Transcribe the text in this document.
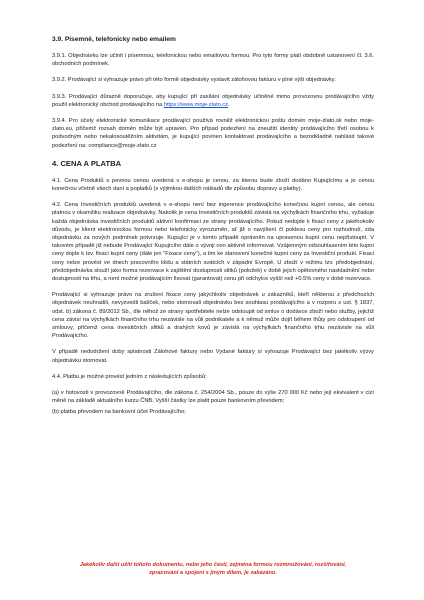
3.9. Písemně, telefonicky nebo emailem

3.9.1. Objednávku lze učinit i písemnou, telefonickou nebo emailovou formou. Pro tyto formy platí obdobně ustanovení čl. 3.6. obchodních podmínek.

3.9.2. Prodávající si vyhrazuje právo při této formě objednávky vystavit zálohovou fakturu v plné výši objednávky.

3.9.3. Prodávající důrazně doporučuje, aby kupující při zasílání objednávky učiněné mimo provozovnu prodávajícího vždy použil elektronický obchod prodávajícího na https://www.moje-zlato.cz.

3.9.4. Pro účely elektronické komunikace prodávající používá rovněž elektronickou poštu domén moje-zlato.sk nebo moje-zlato.eu, přičemž rozsah domén může být upraven. Pro případ podezření na zneužití identity prodávajícího třetí osobou k podvodným nebo nekalosoutěžním aktivitám, je kupující povinen kontaktovat prodávajícího a bezodkladně nahlásit takové podezření na: compliance@moje-zlato.cz

4. CENA A PLATBA

4.1. Cena Produktů s pevnou cenou uvedená v e-shopu je cenou, za kterou bude zboží dodáno Kupujícímu a je cenou konečnou včetně všech daní a poplatků (s výjimkou dalších nákladů dle způsobu dopravy a platby).

4.2. Cena Investičních produktů uvedená v e-shopu není bez ingerence prodávajícího konečnou kupní cenou, ale cenou platnou v okamžiku realizace objednávky. Nakolik je cena Investičních produktů závislá na výchylkách finančního trhu, vyžaduje každá objednávka investičních produktů aktivní konfirmaci ze strany prodávajícího. Pokud nedojde k fixaci ceny z jakéhokoliv důvodu, je klient elektronickou formou nebo telefonicky vyrozumě​n, ať již o navýšení či poklesu ceny pro rozhodnutí, zda objednávku za nových podmínek potvrzuje. Kupující je v tomto případě oprávněn na upravenou kupní cenu nepřistoupit. V takovém případě již nebude Prodávající Kupujícího dále o vývoji cen aktivně informovat. Vzájemným odsouhlasením této kupní ceny dojde k tzv. fixaci kupní ceny (dále jen "Fixace ceny"), a tím ke stanovení konečné kupní ceny za Investiční produkt. Fixaci ceny nelze provést ve dnech pracovního klidu a státních svátcích v západní Evropě. U zboží v režimu tzv. předobjednání, předobjednávka slouží jako forma rezervace k zajištění dostupnosti slitků (položek) v době jejich opětovného naskladnění nebo dostupnosti na trhu, a není možné prodávajícím fixovat (garantovat) cenu při odchylce vyšší než +0.5% ceny v době rezervace.

Prodávající si vyhrazuje právo na zrušení fixace ceny jakýchkoliv objednávek u zákazníků, kteří některou z předchozích objednávek neuhradili, nevyzvedli balíček, nebo stornovali objednávku bez souhlasu prodávajícího a v rozporu s ust. § 1837, odst. b) zákona č. 89/2012 Sb., dle něhož ze strany spotřebitele nelze odstoupit od smluv o dodávce zboží nebo služby, jejichž cena závisí na výchylkách finančního trhu nezávisle na vůli podnikatele a k němuž může dojít během lhůty pro odstoupení od smlouvy, přičemž cena investičních slitků a drahých kovů je závislá na výchylkách finančního trhu nezávisle na vůli Prodávajícího.

V případě nedodržení doby splatnosti Zálohové faktury nebo Vydané faktury si vyhrazuje Prodávající bez jakékoliv výzvy objednávku stornovat.

4.4. Platbu je možné provést jedním z následujících způsobů:

(a) v hotovosti v provozovně Prodávajícího, dle zákona č. 254/2004 Sb., pouze do výše 270 000 Kč nebo její ekvivalent v cizí měně na základě aktuálního kurzu ČNB. Vyšší částky lze platit pouze bankovním převodem;

(b) platba převodem na bankovní účet Prodávajícího;

Jakékoliv další užití tohoto dokumentu, nebo jeho částí, zejména formou rozmnožování, rozšiřování,
zpracování a spojení s jiným dílem, je zakázáno.
